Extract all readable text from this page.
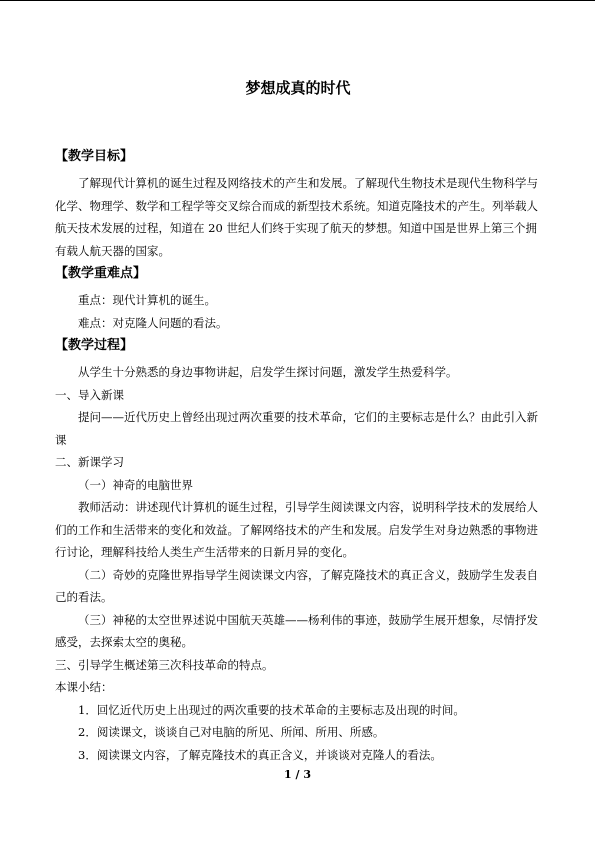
梦想成真的时代
【教学目标】

了解现代计算机的诞生过程及网络技术的产生和发展。了解现代生物技术是现代生物科学与化学、物理学、数学和工程学等交叉综合而成的新型技术系统。知道克隆技术的产生。列举载人航天技术发展的过程，知道在 20 世纪人们终于实现了航天的梦想。知道中国是世界上第三个拥有载人航天器的国家。

【教学重难点】

重点：现代计算机的诞生。

难点：对克隆人问题的看法。

【教学过程】

从学生十分熟悉的身边事物讲起，启发学生探讨问题，激发学生热爱科学。

一、导入新课

提问——近代历史上曾经出现过两次重要的技术革命，它们的主要标志是什么？由此引入新课

二、新课学习

（一）神奇的电脑世界

教师活动：讲述现代计算机的诞生过程，引导学生阅读课文内容，说明科学技术的发展给人们的工作和生活带来的变化和效益。了解网络技术的产生和发展。启发学生对身边熟悉的事物进行讨论，理解科技给人类生产生活带来的日新月异的变化。

（二）奇妙的克隆世界指导学生阅读课文内容，了解克隆技术的真正含义，鼓励学生发表自己的看法。

（三）神秘的太空世界述说中国航天英雄——杨利伟的事迹，鼓励学生展开想象，尽情抒发感受，去探索太空的奥秘。

三、引导学生概述第三次科技革命的特点。

本课小结：

1．回忆近代历史上出现过的两次重要的技术革命的主要标志及出现的时间。

2．阅读课文，谈谈自己对电脑的所见、所闻、所用、所感。

3．阅读课文内容，了解克隆技术的真正含义，并谈谈对克隆人的看法。

1 / 3
